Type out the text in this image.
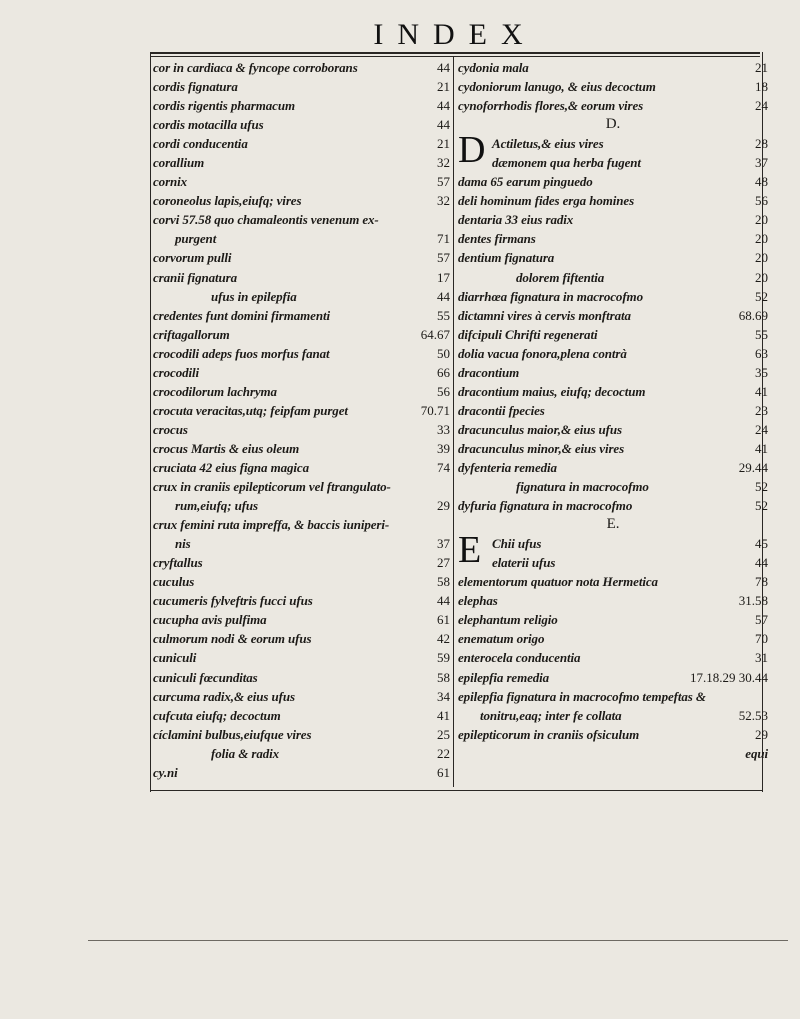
INDEX
cor in cardiaca & fyncope corroborans	44
cordis fignatura	21
cordis rigentis pharmacum	44
cordis motacilla ufus	44
cordi conducentia	21
corallium	32
cornix	57
coroneolus lapis,eiufq; vires	32
corvi 57.58 quo chamaleontis venenum ex-
purgent	71
corvorum pulli	57
cranii fignatura	17
ufus in epilepfia	44
credentes funt domini firmamenti	55
criftagallorum	64.67
crocodili adeps fuos morfus fanat	50
crocodili	66
crocodilorum lachryma	56
crocuta veracitas,utq; feipfam purget	70.71
crocus	33
crocus Martis & eius oleum	39
cruciata 42 eius figna magica	74
crux in craniis epilepticorum vel ftrangulato-
rum,eiufq; ufus	29
crux femini ruta impreffa, & baccis iuniperi-
nis	37
cryftallus	27
cuculus	58
cucumeris fylveftris fucci ufus	44
cucupha avis pulfima	61
culmorum nodi & eorum ufus	42
cuniculi	59
cuniculi fœcunditas	58
curcuma radix,& eius ufus	34
cufcuta eiufq; decoctum	41
cíclamini bulbus,eiufque vires	25
folia & radix	22
cy.ni	61
cydonia mala	21
cydoniorum lanugo, & eius decoctum	18
cynoforrhodis flores,& eorum vires	24
D.
D Actiletus,& eius vires	28
dæmonem qua herba fugent	37
dama 65 earum pinguedo	48
deli hominum fides erga homines	56
dentaria 33 eius radix	20
dentes firmans	20
dentium fignatura	20
dolorem fiftentia	20
diarrhœa fignatura in macrocofmo	52
dictamni vires à cervis monftrata	68.69
difcipuli Chrifti regenerati	55
dolia vacua fonora,plena contrà	63
dracontium	35
dracontium maius, eiufq; decoctum	41
dracontii fpecies	23
dracunculus maior,& eius ufus	24
dracunculus minor,& eius vires	41
dyfenteria remedia	29.44
fignatura in macrocofmo	52
dyfuria fignatura in macrocofmo	52
E.
E Chii ufus	45
elaterii ufus	44
elementorum quatuor nota Hermetica	78
elephas	31.58
elephantum religio	57
enematum origo	70
enterocela conducentia	31
epilepfia remedia	17.18.29 30.44
epilepfia fignatura in macrocofmo tempeftas &
tonitru,eaq; inter fe collata	52.53
epilepticorum in craniis ofsiculum	29
equi
